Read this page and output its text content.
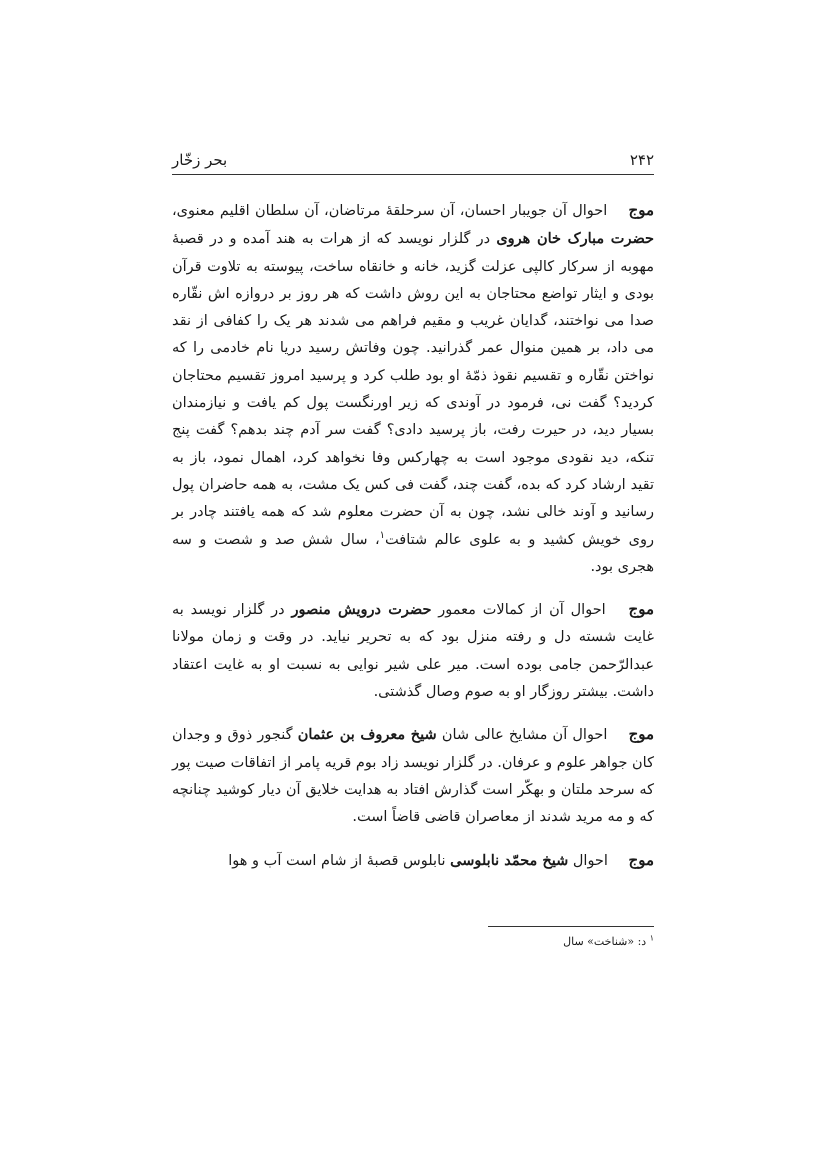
۲۴۲
بحر زخّار

موج احوال آن جویبار احسان، آن سرحلقهٔ مرتاضان، آن سلطان اقلیم معنوی، حضرت مبارک خان هروی در گلزار نویسد که از هرات به هند آمده و در قصبهٔ مهوبه از سرکار کالپی عزلت گزید، خانه و خانقاه ساخت، پیوسته به تلاوت قرآن بودی و ایثار تواضع محتاجان به این روش داشت که هر روز بر دروازه اش نقّاره صدا می نواختند، گدایان غریب و مقیم فراهم می شدند هر یک را کفافی از نقد می داد، بر همین منوال عمر گذرانید. چون وفاتش رسید دریا نام خادمی را که نواختن نقّاره و تقسیم نقوذ ذمّهٔ او بود طلب کرد و پرسید امروز تقسیم محتاجان کردید؟ گفت نی، فرمود در آوندی که زیر اورنگست پول کم یافت و نیازمندان بسیار دید، در حیرت رفت، باز پرسید دادی؟ گفت سر آدم چند بدهم؟ گفت پنج تنکه، دید نقودی موجود است به چهارکس وفا نخواهد کرد، اهمال نمود، باز به تقید ارشاد کرد که بده، گفت چند، گفت فی کس یک مشت، به همه حاضران پول رسانید و آوند خالی نشد، چون به آن حضرت معلوم شد که همه یافتند چادر بر روی خویش کشید و به علوی عالم شتافت$^۱$، سال شش صد و شصت و سه هجری بود.

موج احوال آن از کمالات معمور حضرت درویش منصور در گلزار نویسد به غایت شسته دل و رفته منزل بود که به تحریر نیاید. در وقت و زمان مولانا عبدالرّحمن جامی بوده است. میر علی شیر نوایی به نسبت او به غایت اعتقاد داشت. بیشتر روزگار او به صوم وصال گذشتی.

موج احوال آن مشایخ عالی شان شیخ معروف بن عثمان گنجور ذوق و وجدان کان جواهر علوم و عرفان. در گلزار نویسد زاد بوم قریه پامر از اتفاقات صیت پور که سرحد ملتان و بهکّر است گذارش افتاد به هدایت خلایق آن دیار کوشید چنانچه که و مه مرید شدند از معاصران قاضی قاضاً است.

موج احوال شیخ محمّد نابلوسی نابلوس قصبهٔ از شام است آب و هوا

$^۱$ د: «شناخت» سال
